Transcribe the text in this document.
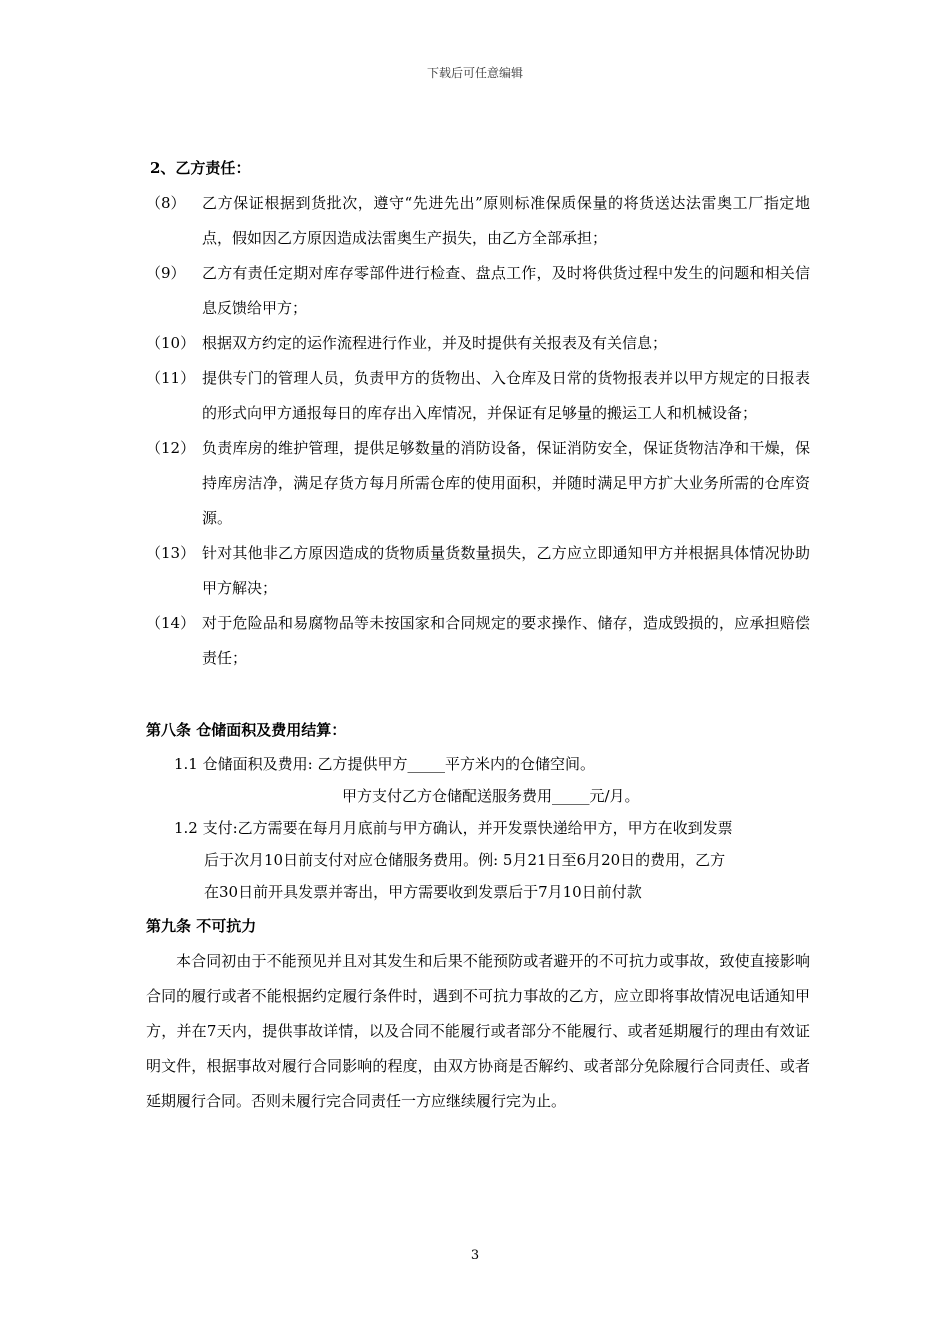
下载后可任意编辑
2、乙方责任：
（8）	乙方保证根据到货批次，遵守“先进先出”原则标准保质保量的将货送达法雷奥工厂指定地点，假如因乙方原因造成法雷奥生产损失，由乙方全部承担；
（9）	乙方有责任定期对库存零部件进行检查、盘点工作，及时将供货过程中发生的问题和相关信息反馈给甲方；
（10） 根据双方约定的运作流程进行作业，并及时提供有关报表及有关信息；
（11） 提供专门的管理人员，负责甲方的货物出、入仓库及日常的货物报表并以甲方规定的日报表的形式向甲方通报每日的库存出入库情况，并保证有足够量的搬运工人和机械设备；
（12） 负责库房的维护管理，提供足够数量的消防设备，保证消防安全，保证货物洁净和干燥，保持库房洁净，满足存货方每月所需仓库的使用面积，并随时满足甲方扩大业务所需的仓库资源。
（13） 针对其他非乙方原因造成的货物质量货数量损失，乙方应立即通知甲方并根据具体情况协助甲方解决；
（14） 对于危险品和易腐物品等未按国家和合同规定的要求操作、储存，造成毁损的，应承担赔偿责任；
第八条 仓储面积及费用结算：
1.1 仓储面积及费用: 乙方提供甲方_____平方米内的仓储空间。
甲方支付乙方仓储配送服务费用_____元/月。
1.2 支付:乙方需要在每月月底前与甲方确认，并开发票快递给甲方，甲方在收到发票
后于次月10日前支付对应仓储服务费用。例: 5月21日至6月20日的费用，乙方
在30日前开具发票并寄出，甲方需要收到发票后于7月10日前付款
第九条 不可抗力
本合同初由于不能预见并且对其发生和后果不能预防或者避开的不可抗力或事故，致使直接影响合同的履行或者不能根据约定履行条件时，遇到不可抗力事故的乙方，应立即将事故情况电话通知甲方，并在7天内，提供事故详情，以及合同不能履行或者部分不能履行、或者延期履行的理由有效证明文件，根据事故对履行合同影响的程度，由双方协商是否解约、或者部分免除履行合同责任、或者延期履行合同。否则未履行完合同责任一方应继续履行完为止。
3
